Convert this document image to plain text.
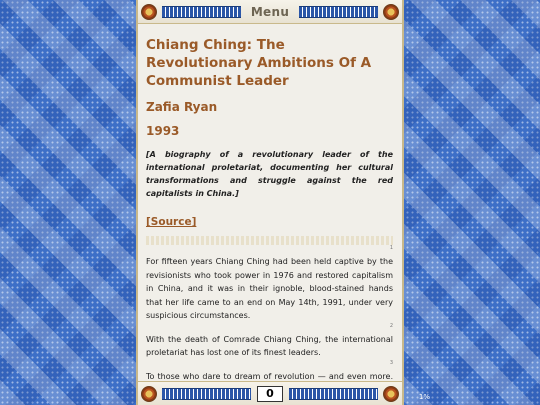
Menu
Chiang Ching: The Revolutionary Ambitions Of A Communist Leader
Zafia Ryan
1993
[A biography of a revolutionary leader of the international proletariat, documenting her cultural transformations and struggle against the red capitalists in China.]
[Source]
1

For fifteen years Chiang Ching had been held captive by the revisionists who took power in 1976 and restored capitalism in China, and it was in their ignoble, blood-stained hands that her life came to an end on May 14th, 1991, under very suspicious circumstances.

2

With the death of Comrade Chiang Ching, the international proletariat has lost one of its finest leaders.

3

To those who dare to dream of revolution — and even more,

0	1%
